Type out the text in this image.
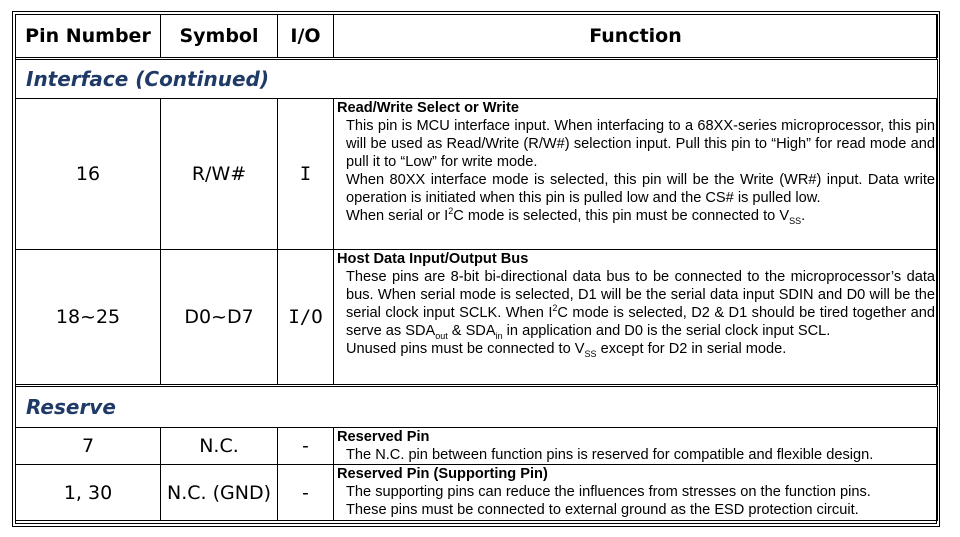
Pin Number	Symbol	I/O	Function
Interface (Continued)			
16	R/W#	I	Read/Write Select or Write
This pin is MCU interface input. When interfacing to a 68XX-series microprocessor, this pin will be used as Read/Write (R/W#) selection input. Pull this pin to “High” for read mode and pull it to “Low” for write mode.
When 80XX interface mode is selected, this pin will be the Write (WR#) input. Data write operation is initiated when this pin is pulled low and the CS# is pulled low.
When serial or $I^2C$ mode is selected, this pin must be connected to $V_{SS}$.

18~25	D0~D7	I/O	Host Data Input/Output Bus
These pins are 8-bit bi-directional data bus to be connected to the microprocessor’s data bus. When serial mode is selected, D1 will be the serial data input SDIN and D0 will be the serial clock input SCLK. When $I^2C$ mode is selected, D2 & D1 should be tired together and serve as $SDA_{out}$ & $SDA_{in}$ in application and D0 is the serial clock input SCL.
Unused pins must be connected to $V_{SS}$ except for D2 in serial mode.

Reserve			
7	N.C.	-	Reserved Pin
The N.C. pin between function pins is reserved for compatible and flexible design.

1, 30	N.C. (GND)	-	Reserved Pin (Supporting Pin)
The supporting pins can reduce the influences from stresses on the function pins.
These pins must be connected to external ground as the ESD protection circuit.
